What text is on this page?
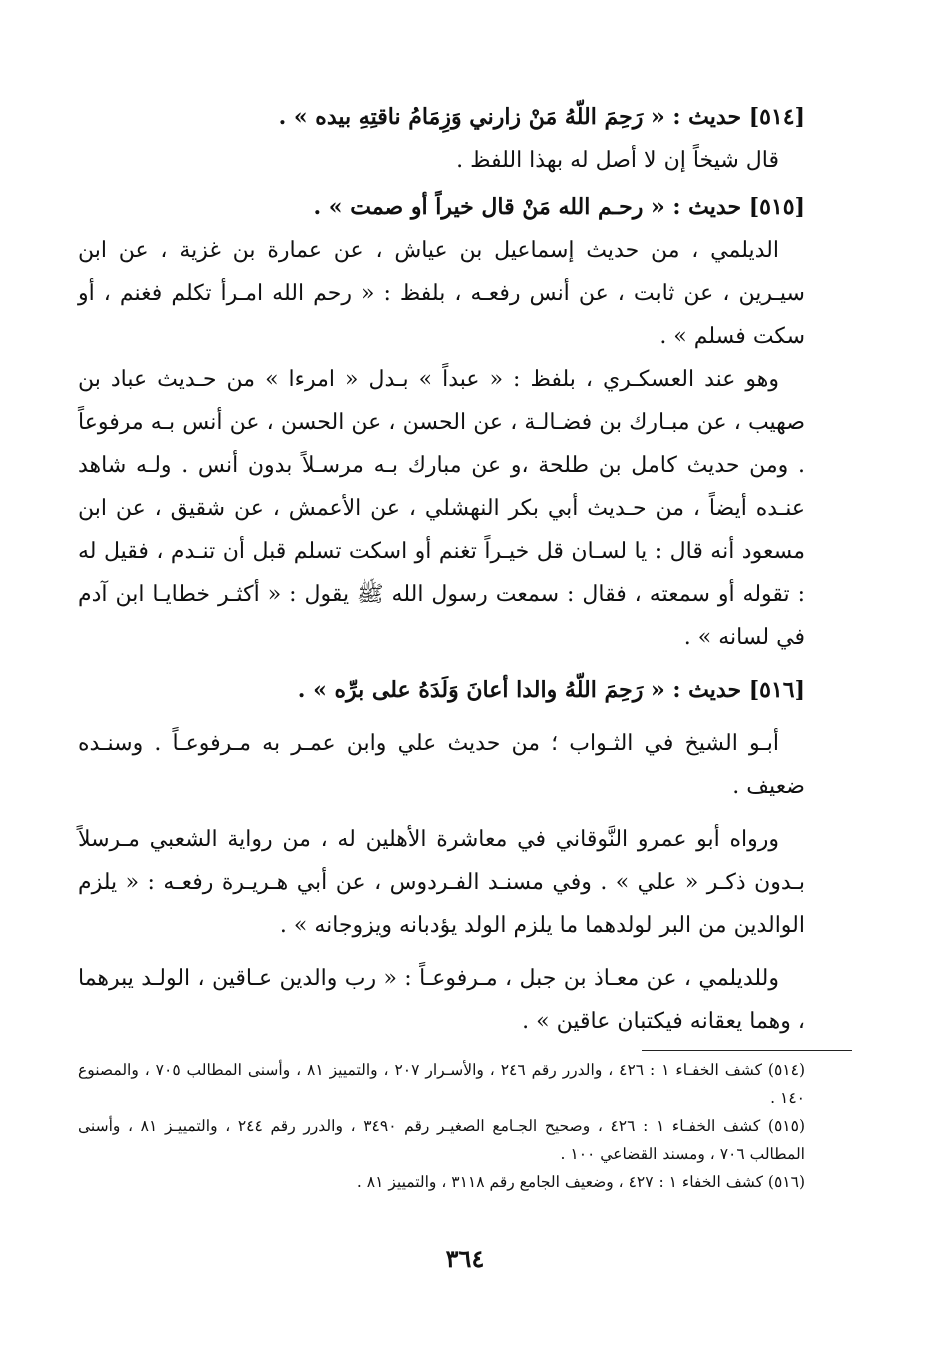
[٥١٤] حديث : « رَحِمَ اللّهُ مَنْ زارني وَزِمَامُ ناقتِهِ بيده » .

قال شيخاً إن لا أصل له بهذا اللفظ .

[٥١٥] حديث : « رحـم الله مَنْ قال خيراً أو صمت » .

الديلمي ، من حديث إسماعيل بن عياش ، عن عمارة بن غزية ، عن ابن سيـرين ، عن ثابت ، عن أنس رفعـه ، بلفظ : « رحم الله امـرأ تكلم فغنم ، أو سكت فسلم » .

وهو عند العسكـري ، بلفظ : « عبداً » بـدل « امرءا » من حـديث عباد بن صهيب ، عن مبـارك بن فضـالـة ، عن الحسن ، عن الحسن ، عن أنس بـه مرفوعاً . ومن حديث كامل بن طلحة ،و عن مبارك بـه مرسـلاً بدون أنس . ولـه شاهد عنـده أيضاً ، من حـديث أبي بكر النهشلي ، عن الأعمش ، عن شقيق ، عن ابن مسعود أنه قال : يا لسـان قل خيـراً تغنم أو اسكت تسلم قبل أن تنـدم ، فقيل له : تقوله أو سمعته ، فقال : سمعت رسول الله ﷺ يقول : « أكثـر خطايـا ابن آدم في لسانه » .

[٥١٦] حديث : « رَحِمَ اللّهُ والدا أعانَ وَلَدَهُ على برِّه » .

أبـو الشيخ في الثـواب ؛ من حديث علي وابن عمـر به مـرفوعـاً . وسنـده ضعيف .

ورواه أبو عمرو النَّوقاني في معاشرة الأهلين له ، من رواية الشعبي مـرسلاً بـدون ذكـر « علي » . وفي مسنـد الفـردوس ، عن أبي هـريـرة رفعـه : « يلزم الوالدين من البر لولدهما ما يلزم الولد يؤدبانه ويزوجانه » .

وللديلمي ، عن معـاذ بن جبل ، مـرفوعـاً : « رب والدين عـاقين ، الولـد يبرهما ، وهما يعقانه فيكتبان عاقين » .

(٥١٤) كشف الخفـاء ١ : ٤٢٦ ، والدرر رقم ٢٤٦ ، والأسـرار ٢٠٧ ، والتمييز ٨١ ، وأسنى المطالب ٧٠٥ ، والمصنوع ١٤٠ .

(٥١٥) كشف الخفـاء ١ : ٤٢٦ ، وصحيح الجـامع الصغيـر رقم ٣٤٩٠ ، والدرر رقم ٢٤٤ ، والتمييـز ٨١ ، وأسنى المطالب ٧٠٦ ، ومسند القضاعي ١٠٠ .

(٥١٦) كشف الخفاء ١ : ٤٢٧ ، وضعيف الجامع رقم ٣١١٨ ، والتمييز ٨١ .

٣٦٤
